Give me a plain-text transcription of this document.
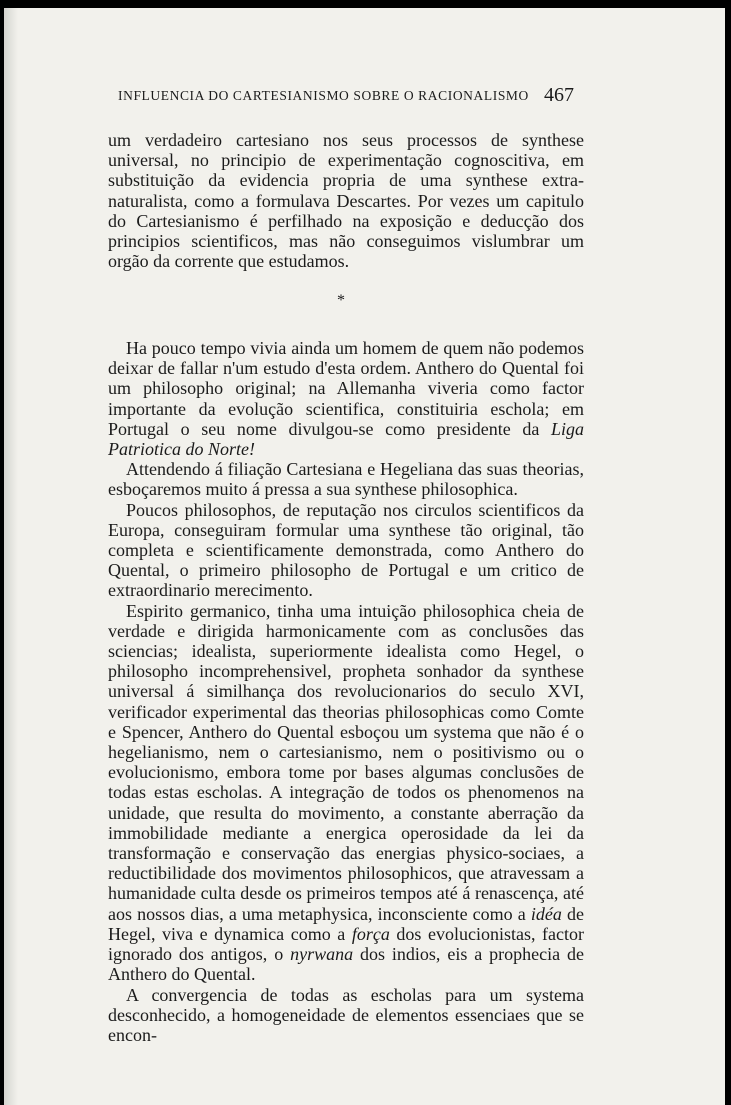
INFLUENCIA DO CARTESIANISMO SOBRE O RACIONALISMO 467

um verdadeiro cartesiano nos seus processos de synthese universal, no principio de experimentação cognoscitiva, em substituição da evidencia propria de uma synthese extra-naturalista, como a formulava Descartes. Por vezes um capitulo do Cartesianismo é perfilhado na exposição e deducção dos principios scientificos, mas não conseguimos vislumbrar um orgão da corrente que estudamos.

*

Ha pouco tempo vivia ainda um homem de quem não podemos deixar de fallar n'um estudo d'esta ordem. Anthero do Quental foi um philosopho original; na Allemanha viveria como factor importante da evolução scientifica, constituiria eschola; em Portugal o seu nome divulgou-se como presidente da Liga Patriotica do Norte!

Attendendo á filiação Cartesiana e Hegeliana das suas theorias, esboçaremos muito á pressa a sua synthese philosophica.

Poucos philosophos, de reputação nos circulos scientificos da Europa, conseguiram formular uma synthese tão original, tão completa e scientificamente demonstrada, como Anthero do Quental, o primeiro philosopho de Portugal e um critico de extraordinario merecimento.

Espirito germanico, tinha uma intuição philosophica cheia de verdade e dirigida harmonicamente com as conclusões das sciencias; idealista, superiormente idealista como Hegel, o philosopho incomprehensivel, propheta sonhador da synthese universal á similhança dos revolucionarios do seculo XVI, verificador experimental das theorias philosophicas como Comte e Spencer, Anthero do Quental esboçou um systema que não é o hegelianismo, nem o cartesianismo, nem o positivismo ou o evolucionismo, embora tome por bases algumas conclusões de todas estas escholas. A integração de todos os phenomenos na unidade, que resulta do movimento, a constante aberração da immobilidade mediante a energica operosidade da lei da transformação e conservação das energias physico-sociaes, a reductibilidade dos movimentos philosophicos, que atravessam a humanidade culta desde os primeiros tempos até á renascença, até aos nossos dias, a uma metaphysica, inconsciente como a idéa de Hegel, viva e dynamica como a força dos evolucionistas, factor ignorado dos antigos, o nyrwana dos indios, eis a prophecia de Anthero do Quental.

A convergencia de todas as escholas para um systema desconhecido, a homogeneidade de elementos essenciaes que se encon-
